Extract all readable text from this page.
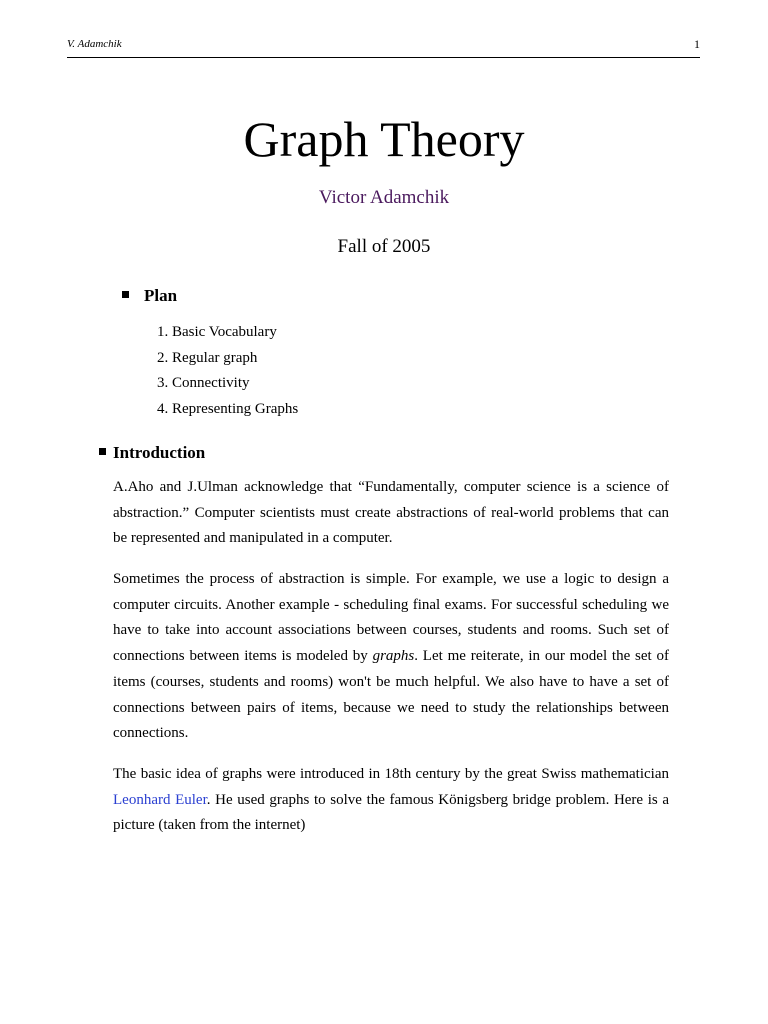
V. Adamchik	1
Graph Theory
Victor Adamchik
Fall of 2005
Plan
1. Basic Vocabulary
2. Regular graph
3. Connectivity
4. Representing Graphs
Introduction

A.Aho and J.Ulman acknowledge that “Fundamentally, computer science is a science of abstraction.” Computer scientists must create abstractions of real-world problems that can be represented and manipulated in a computer.

Sometimes the process of abstraction is simple. For example, we use a logic to design a computer circuits. Another example - scheduling final exams. For successful scheduling we have to take into account associations between courses, students and rooms. Such set of connections between items is modeled by graphs. Let me reiterate, in our model the set of items (courses, students and rooms) won't be much helpful. We also have to have a set of connections between pairs of items, because we need to study the relationships between connections.

The basic idea of graphs were introduced in 18th century by the great Swiss mathematician Leonhard Euler. He used graphs to solve the famous Königsberg bridge problem. Here is a picture (taken from the internet)
